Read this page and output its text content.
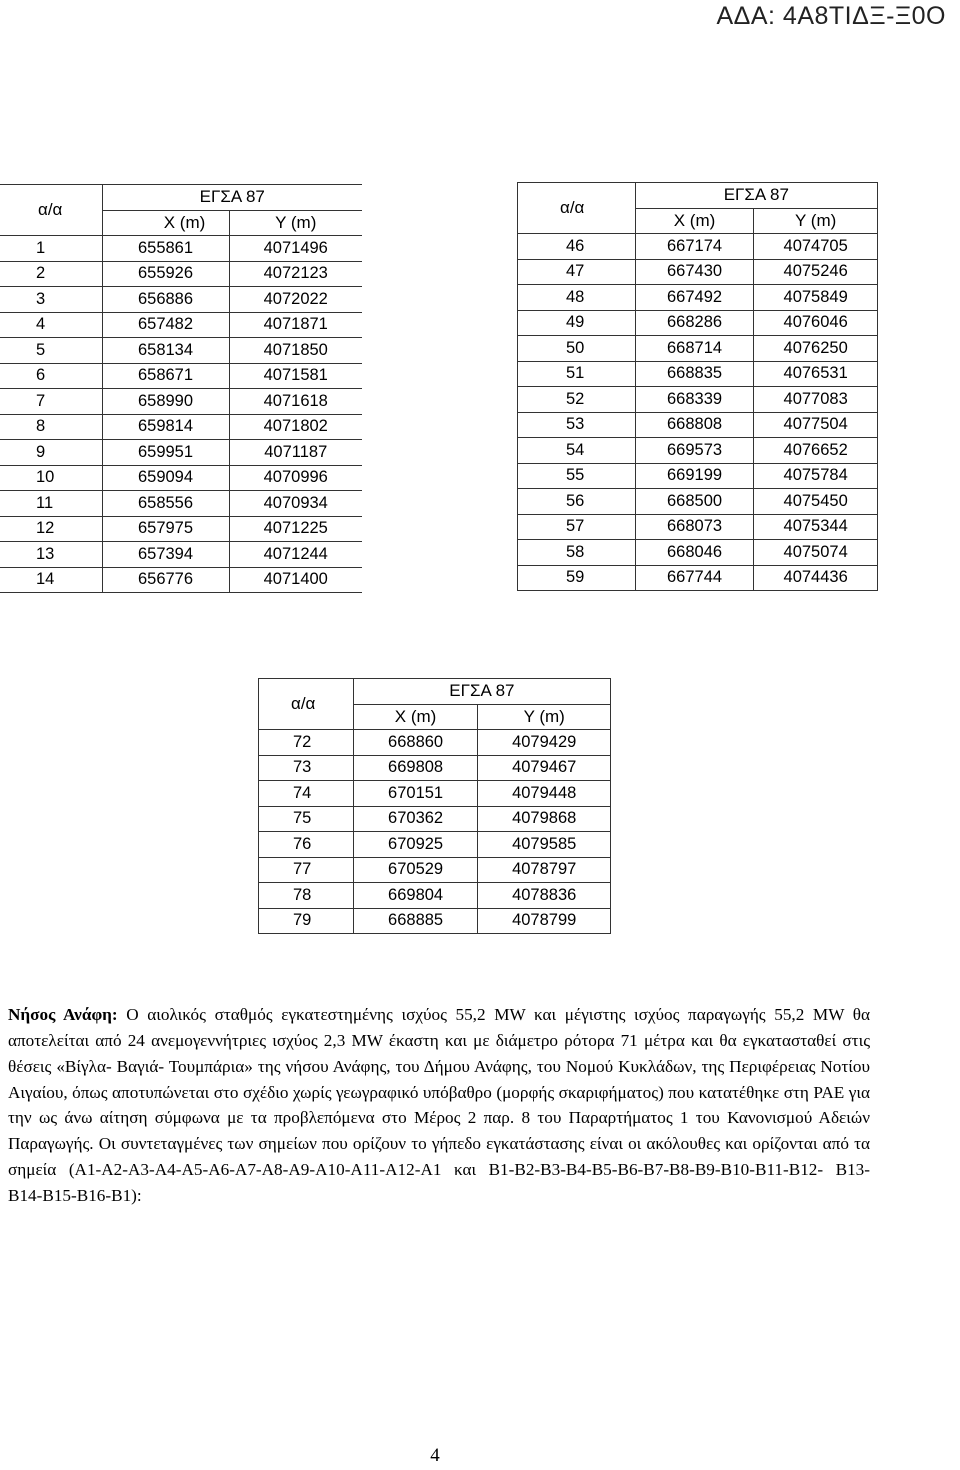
ΑΔΑ: 4Α8ΤΙΔΞ-Ξ0Ο
α/α	ΕΓΣΑ 87	
	X (m)	Y (m)
1	655861	4071496
2	655926	4072123
3	656886	4072022
4	657482	4071871
5	658134	4071850
6	658671	4071581
7	658990	4071618
8	659814	4071802
9	659951	4071187
10	659094	4070996
11	658556	4070934
12	657975	4071225
13	657394	4071244
14	656776	4071400
α/α	ΕΓΣΑ 87	
	X (m)	Y (m)
46	667174	4074705
47	667430	4075246
48	667492	4075849
49	668286	4076046
50	668714	4076250
51	668835	4076531
52	668339	4077083
53	668808	4077504
54	669573	4076652
55	669199	4075784
56	668500	4075450
57	668073	4075344
58	668046	4075074
59	667744	4074436
α/α	ΕΓΣΑ 87	
	X (m)	Y (m)
72	668860	4079429
73	669808	4079467
74	670151	4079448
75	670362	4079868
76	670925	4079585
77	670529	4078797
78	669804	4078836
79	668885	4078799

Νήσος Ανάφη: Ο αιολικός σταθμός εγκατεστημένης ισχύος 55,2 MW και μέγιστης ισχύος παραγωγής 55,2 MW θα αποτελείται από 24 ανεμογεννήτριες ισχύος 2,3 MW έκαστη και με διάμετρο ρότορα 71 μέτρα και θα εγκατασταθεί στις θέσεις «Βίγλα- Βαγιά- Τουμπάρια» της νήσου Ανάφης, του Δήμου Ανάφης, του Νομού Κυκλάδων, της Περιφέρειας Νοτίου Αιγαίου, όπως αποτυπώνεται στο σχέδιο χωρίς γεωγραφικό υπόβαθρο (μορφής σκαριφήματος) που κατατέθηκε στη ΡΑΕ για την ως άνω αίτηση σύμφωνα με τα προβλεπόμενα στο Μέρος 2 παρ. 8 του Παραρτήματος 1 του Κανονισμού Αδειών Παραγωγής. Οι συντεταγμένες των σημείων που ορίζουν το γήπεδο εγκατάστασης είναι οι ακόλουθες και ορίζονται από τα σημεία (Α1-Α2-Α3-Α4-Α5-Α6-Α7-Α8-Α9-Α10-Α11-Α12-Α1 και Β1-Β2-Β3-Β4-Β5-Β6-Β7-Β8-Β9-Β10-Β11-Β12- Β13-Β14-Β15-Β16-Β1):

4
